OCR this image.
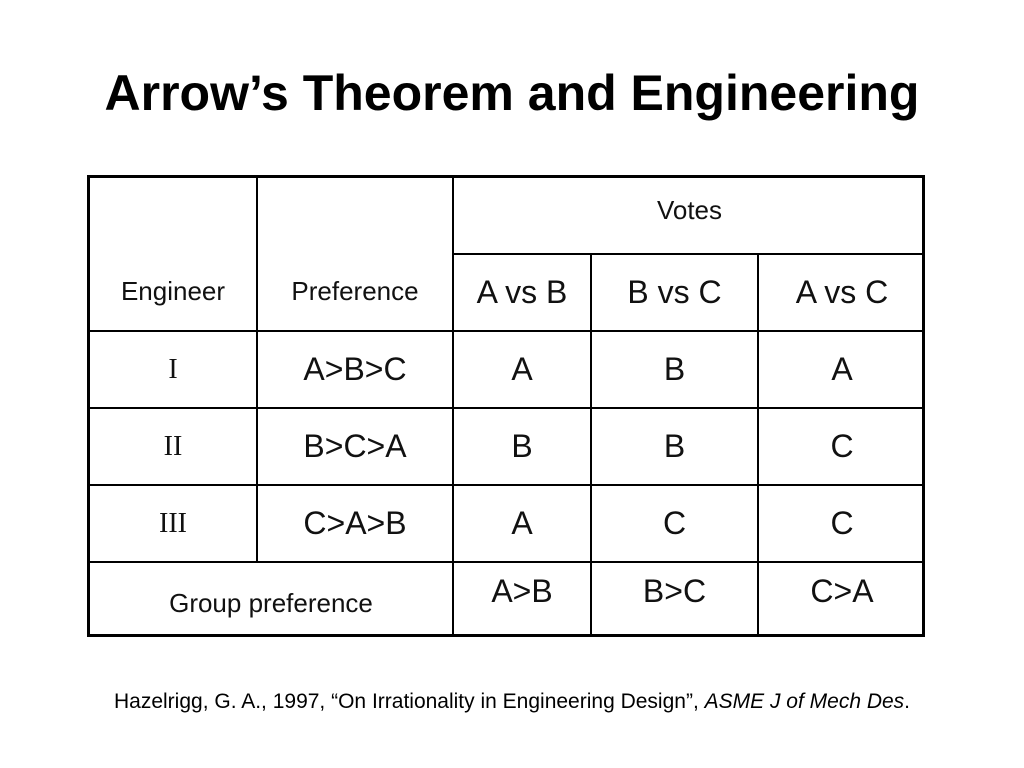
Arrow’s Theorem and Engineering
Engineer	Preference
Votes
A vs B	B vs C	A vs C
I	A>B>C	A	B	A
II	B>C>A	B	B	C
III	C>A>B	A	C	C
Group preference	A>B	B>C	C>A
Hazelrigg, G. A., 1997, “On Irrationality in Engineering Design”, ASME J of Mech Des.
